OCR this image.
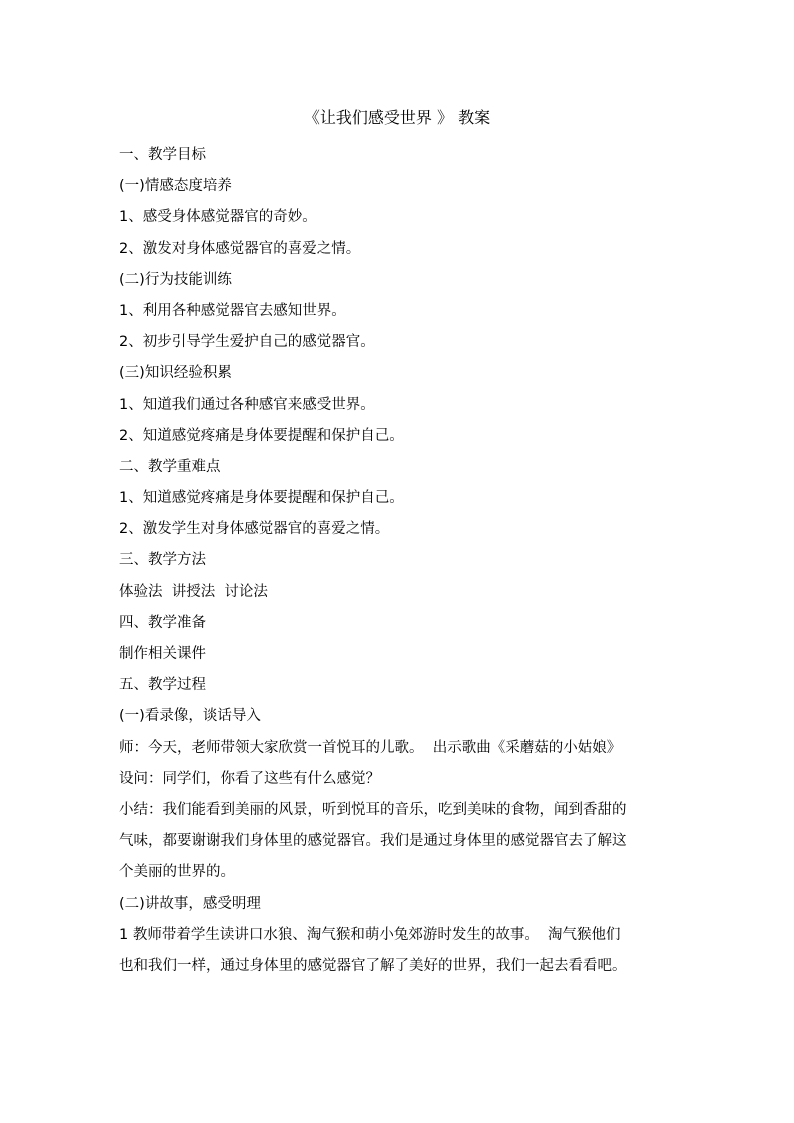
《让我们感受世界 》 教案
一、教学目标
(一)情感态度培养
1、感受身体感觉器官的奇妙。
2、激发对身体感觉器官的喜爱之情。
(二)行为技能训练
1、利用各种感觉器官去感知世界。
2、初步引导学生爱护自己的感觉器官。
(三)知识经验积累
1、知道我们通过各种感官来感受世界。
2、知道感觉疼痛是身体要提醒和保护自己。
二、教学重难点
1、知道感觉疼痛是身体要提醒和保护自己。
2、激发学生对身体感觉器官的喜爱之情。
三、教学方法
体验法  讲授法  讨论法
四、教学准备
制作相关课件
五、教学过程
(一)看录像，谈话导入
师：今天，老师带领大家欣赏一首悦耳的儿歌。  出示歌曲《采蘑菇的小姑娘》
设问：同学们，你看了这些有什么感觉？
小结：我们能看到美丽的风景，听到悦耳的音乐，吃到美味的食物，闻到香甜的
气味，都要谢谢我们身体里的感觉器官。我们是通过身体里的感觉器官去了解这
个美丽的世界的。
(二)讲故事，感受明理
1 教师带着学生读讲口水狼、淘气猴和萌小兔郊游时发生的故事。  淘气猴他们
也和我们一样，通过身体里的感觉器官了解了美好的世界，我们一起去看看吧。
